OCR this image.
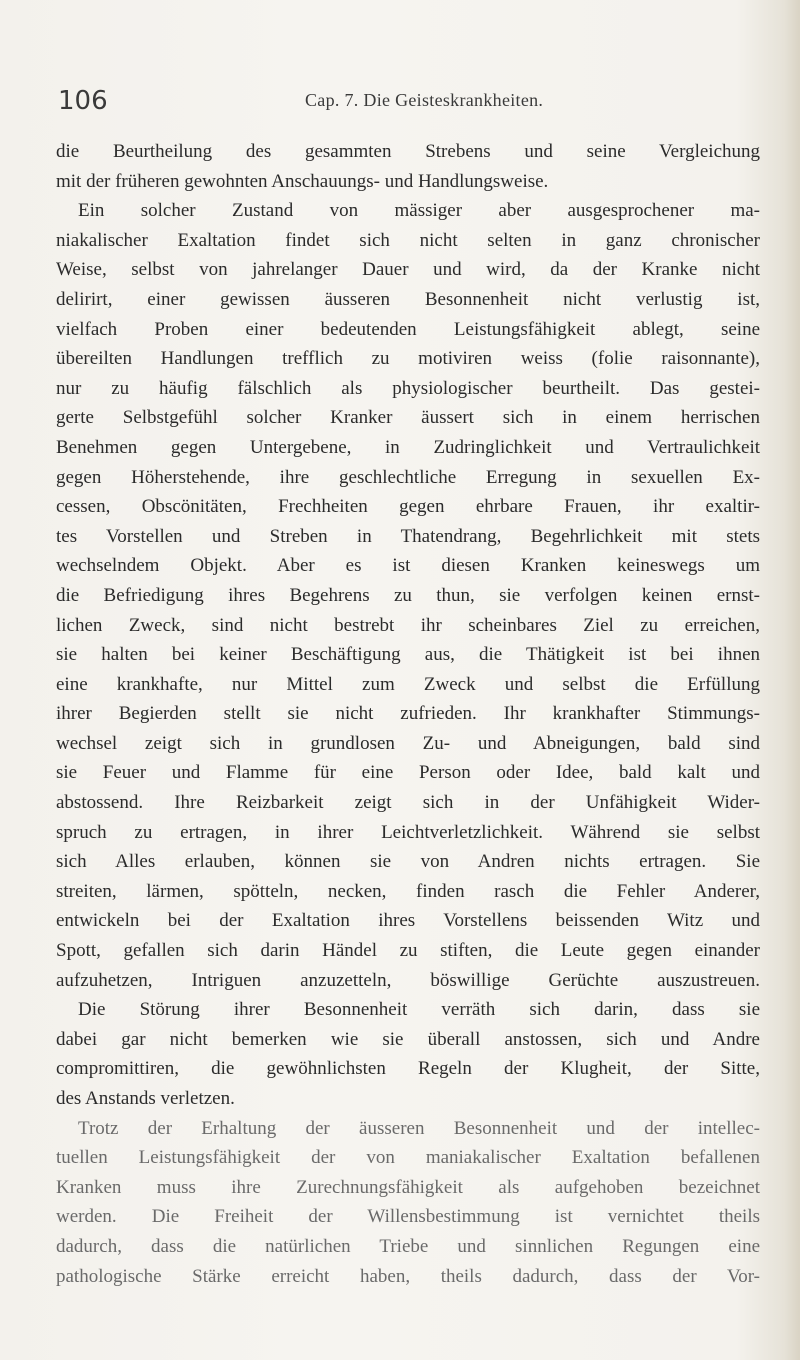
106	Cap. 7. Die Geisteskrankheiten.
die Beurtheilung des gesammten Strebens und seine Vergleichung
mit der früheren gewohnten Anschauungs- und Handlungsweise.
Ein solcher Zustand von mässiger aber ausgesprochener ma-
niakalischer Exaltation findet sich nicht selten in ganz chronischer
Weise, selbst von jahrelanger Dauer und wird, da der Kranke nicht
delirirt, einer gewissen äusseren Besonnenheit nicht verlustig ist,
vielfach Proben einer bedeutenden Leistungsfähigkeit ablegt, seine
übereilten Handlungen trefflich zu motiviren weiss (folie raisonnante),
nur zu häufig fälschlich als physiologischer beurtheilt. Das gestei-
gerte Selbstgefühl solcher Kranker äussert sich in einem herrischen
Benehmen gegen Untergebene, in Zudringlichkeit und Vertraulichkeit
gegen Höherstehende, ihre geschlechtliche Erregung in sexuellen Ex-
cessen, Obscönitäten, Frechheiten gegen ehrbare Frauen, ihr exaltir-
tes Vorstellen und Streben in Thatendrang, Begehrlichkeit mit stets
wechselndem Objekt. Aber es ist diesen Kranken keineswegs um
die Befriedigung ihres Begehrens zu thun, sie verfolgen keinen ernst-
lichen Zweck, sind nicht bestrebt ihr scheinbares Ziel zu erreichen,
sie halten bei keiner Beschäftigung aus, die Thätigkeit ist bei ihnen
eine krankhafte, nur Mittel zum Zweck und selbst die Erfüllung
ihrer Begierden stellt sie nicht zufrieden. Ihr krankhafter Stimmungs-
wechsel zeigt sich in grundlosen Zu- und Abneigungen, bald sind
sie Feuer und Flamme für eine Person oder Idee, bald kalt und
abstossend. Ihre Reizbarkeit zeigt sich in der Unfähigkeit Wider-
spruch zu ertragen, in ihrer Leichtverletzlichkeit. Während sie selbst
sich Alles erlauben, können sie von Andren nichts ertragen. Sie
streiten, lärmen, spötteln, necken, finden rasch die Fehler Anderer,
entwickeln bei der Exaltation ihres Vorstellens beissenden Witz und
Spott, gefallen sich darin Händel zu stiften, die Leute gegen einander
aufzuhetzen, Intriguen anzuzetteln, böswillige Gerüchte auszustreuen.
Die Störung ihrer Besonnenheit verräth sich darin, dass sie
dabei gar nicht bemerken wie sie überall anstossen, sich und Andre
compromittiren, die gewöhnlichsten Regeln der Klugheit, der Sitte,
des Anstands verletzen.
Trotz der Erhaltung der äusseren Besonnenheit und der intellec-
tuellen Leistungsfähigkeit der von maniakalischer Exaltation befallenen
Kranken muss ihre Zurechnungsfähigkeit als aufgehoben bezeichnet
werden. Die Freiheit der Willensbestimmung ist vernichtet theils
dadurch, dass die natürlichen Triebe und sinnlichen Regungen eine
pathologische Stärke erreicht haben, theils dadurch, dass der Vor-
